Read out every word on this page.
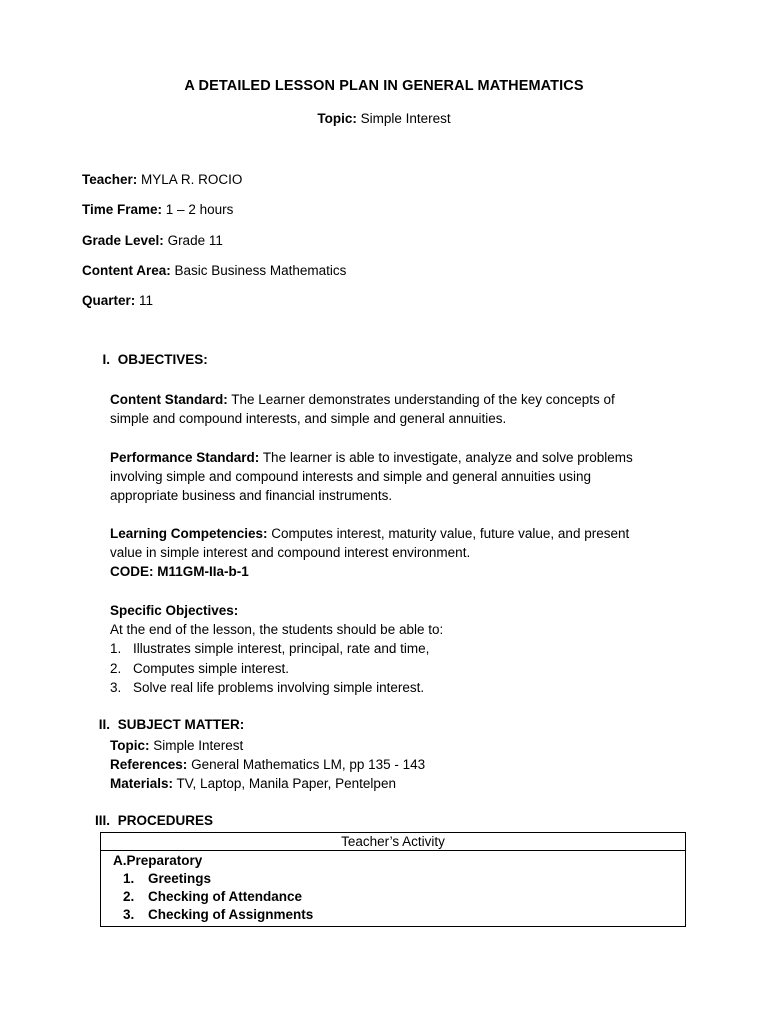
A DETAILED LESSON PLAN IN GENERAL MATHEMATICS
Topic: Simple Interest
Teacher: MYLA R. ROCIO
Time Frame: 1 – 2 hours
Grade Level: Grade 11
Content Area: Basic Business Mathematics
Quarter: 11
I. OBJECTIVES:
Content Standard: The Learner demonstrates understanding of the key concepts of
simple and compound interests, and simple and general annuities.
Performance Standard: The learner is able to investigate, analyze and solve problems
involving simple and compound interests and simple and general annuities using
appropriate business and financial instruments.
Learning Competencies: Computes interest, maturity value, future value, and present
value in simple interest and compound interest environment.
CODE: M11GM-IIa-b-1
Specific Objectives:
At the end of the lesson, the students should be able to:
1. Illustrates simple interest, principal, rate and time,
2. Computes simple interest.
3. Solve real life problems involving simple interest.
II. SUBJECT MATTER:
Topic: Simple Interest
References: General Mathematics LM, pp 135 - 143
Materials: TV, Laptop, Manila Paper, Pentelpen
III. PROCEDURES
Teacher’s Activity

A.Preparatory
1. Greetings
2. Checking of Attendance
3. Checking of Assignments
